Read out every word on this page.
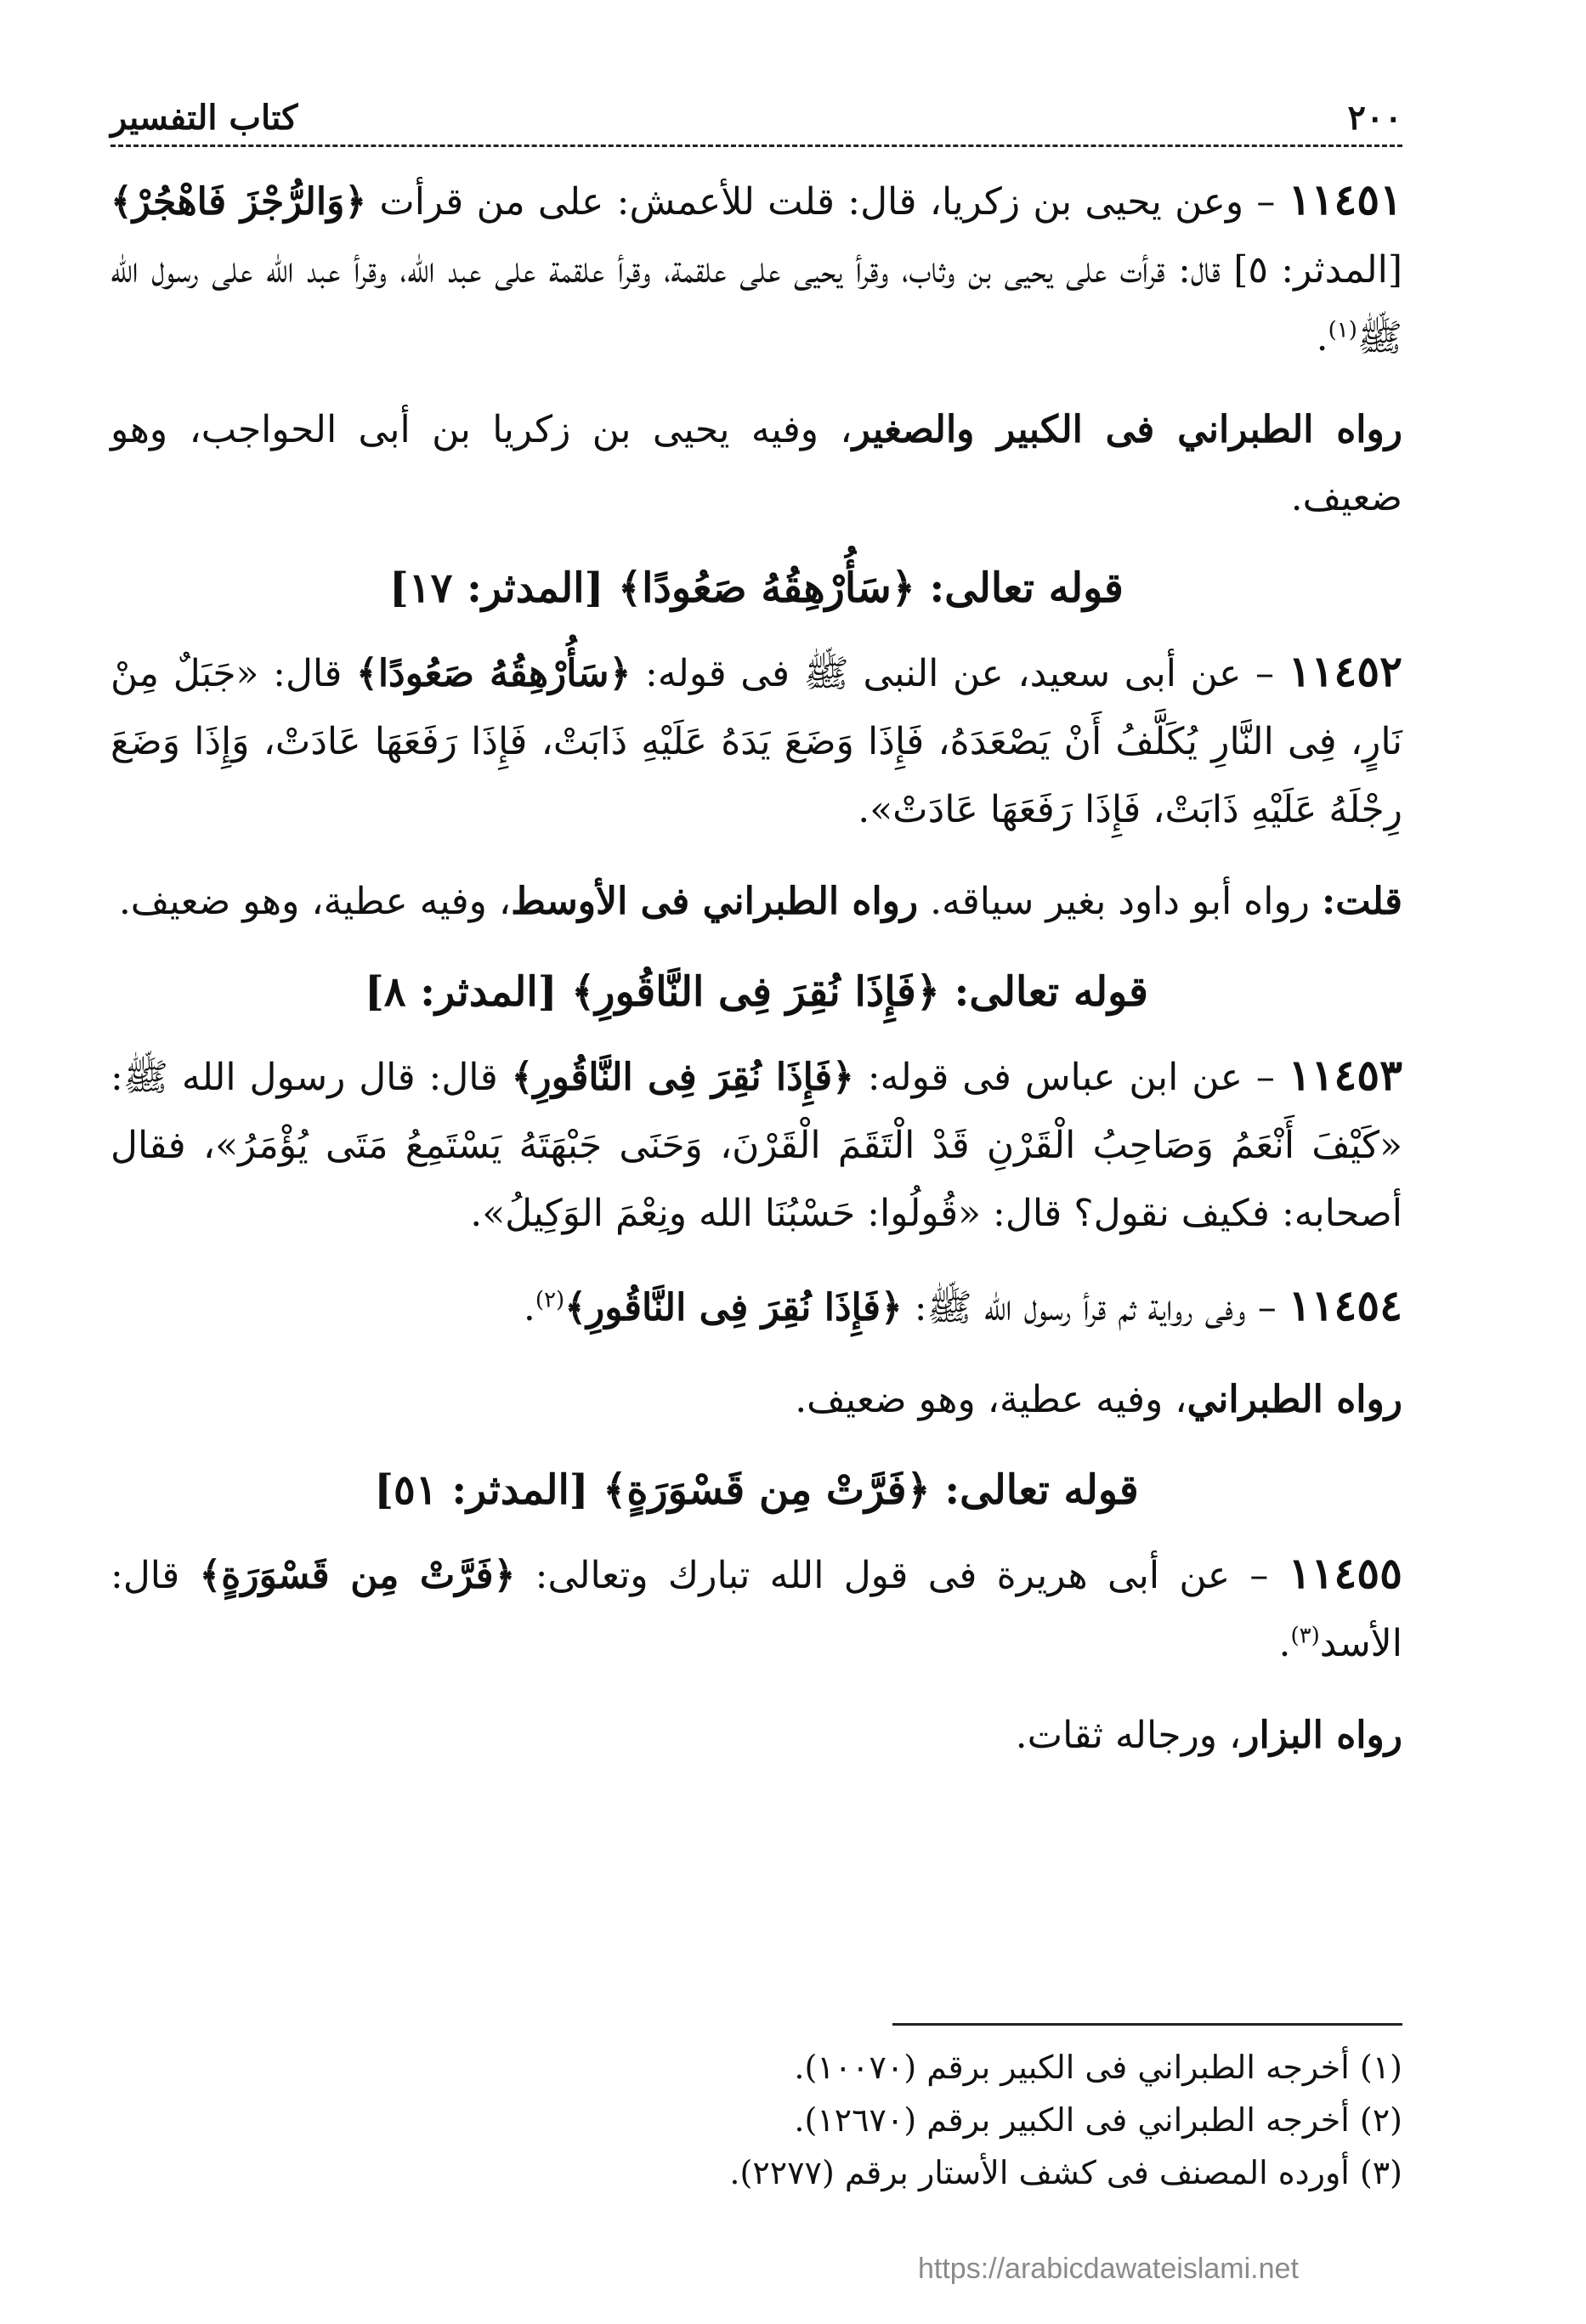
٢٠٠
كتاب التفسير

١١٤٥١ – وعن يحيى بن زكريا، قال: قلت للأعمش: على من قرأت ﴿وَالرُّجْزَ فَاهْجُرْ﴾ [المدثر: ٥] قال: قرأت على يحيى بن وثاب، وقرأ يحيى على علقمة، وقرأ علقمة على عبد الله، وقرأ عبد الله على رسول الله ﷺ$^{(١)}$.

رواه الطبراني فى الكبير والصغير، وفيه يحيى بن زكريا بن أبى الحواجب، وهو ضعيف.

قوله تعالى: ﴿سَأُرْهِقُهُ صَعُودًا﴾ [المدثر: ١٧]

١١٤٥٢ – عن أبى سعيد، عن النبى ﷺ فى قوله: ﴿سَأُرْهِقُهُ صَعُودًا﴾ قال: «جَبَلٌ مِنْ نَارٍ، فِى النَّارِ يُكَلَّفُ أَنْ يَصْعَدَهُ، فَإِذَا وَضَعَ يَدَهُ عَلَيْهِ ذَابَتْ، فَإِذَا رَفَعَهَا عَادَتْ، وَإِذَا وَضَعَ رِجْلَهُ عَلَيْهِ ذَابَتْ، فَإِذَا رَفَعَهَا عَادَتْ».

قلت: رواه أبو داود بغير سياقه. رواه الطبراني فى الأوسط، وفيه عطية، وهو ضعيف.

قوله تعالى: ﴿فَإِذَا نُقِرَ فِى النَّاقُورِ﴾ [المدثر: ٨]

١١٤٥٣ – عن ابن عباس فى قوله: ﴿فَإِذَا نُقِرَ فِى النَّاقُورِ﴾ قال: قال رسول الله ﷺ: «كَيْفَ أَنْعَمُ وَصَاحِبُ الْقَرْنِ قَدْ الْتَقَمَ الْقَرْنَ، وَحَنَى جَبْهَتَهُ يَسْتَمِعُ مَتَى يُؤْمَرُ»، فقال أصحابه: فكيف نقول؟ قال: «قُولُوا: حَسْبُنَا الله ونِعْمَ الوَكِيلُ».

١١٤٥٤ – وفى رواية ثم قرأ رسول الله ﷺ: ﴿فَإِذَا نُقِرَ فِى النَّاقُورِ﴾$^{(٢)}$.

رواه الطبراني، وفيه عطية، وهو ضعيف.

قوله تعالى: ﴿فَرَّتْ مِن قَسْوَرَةٍ﴾ [المدثر: ٥١]

١١٤٥٥ – عن أبى هريرة فى قول الله تبارك وتعالى: ﴿فَرَّتْ مِن قَسْوَرَةٍ﴾ قال: الأسد$^{(٣)}$.

رواه البزار، ورجاله ثقات.

(١) أخرجه الطبراني فى الكبير برقم (١٠٠٧٠).
(٢) أخرجه الطبراني فى الكبير برقم (١٢٦٧٠).
(٣) أورده المصنف فى كشف الأستار برقم (٢٢٧٧).
https://arabicdawateislami.net
